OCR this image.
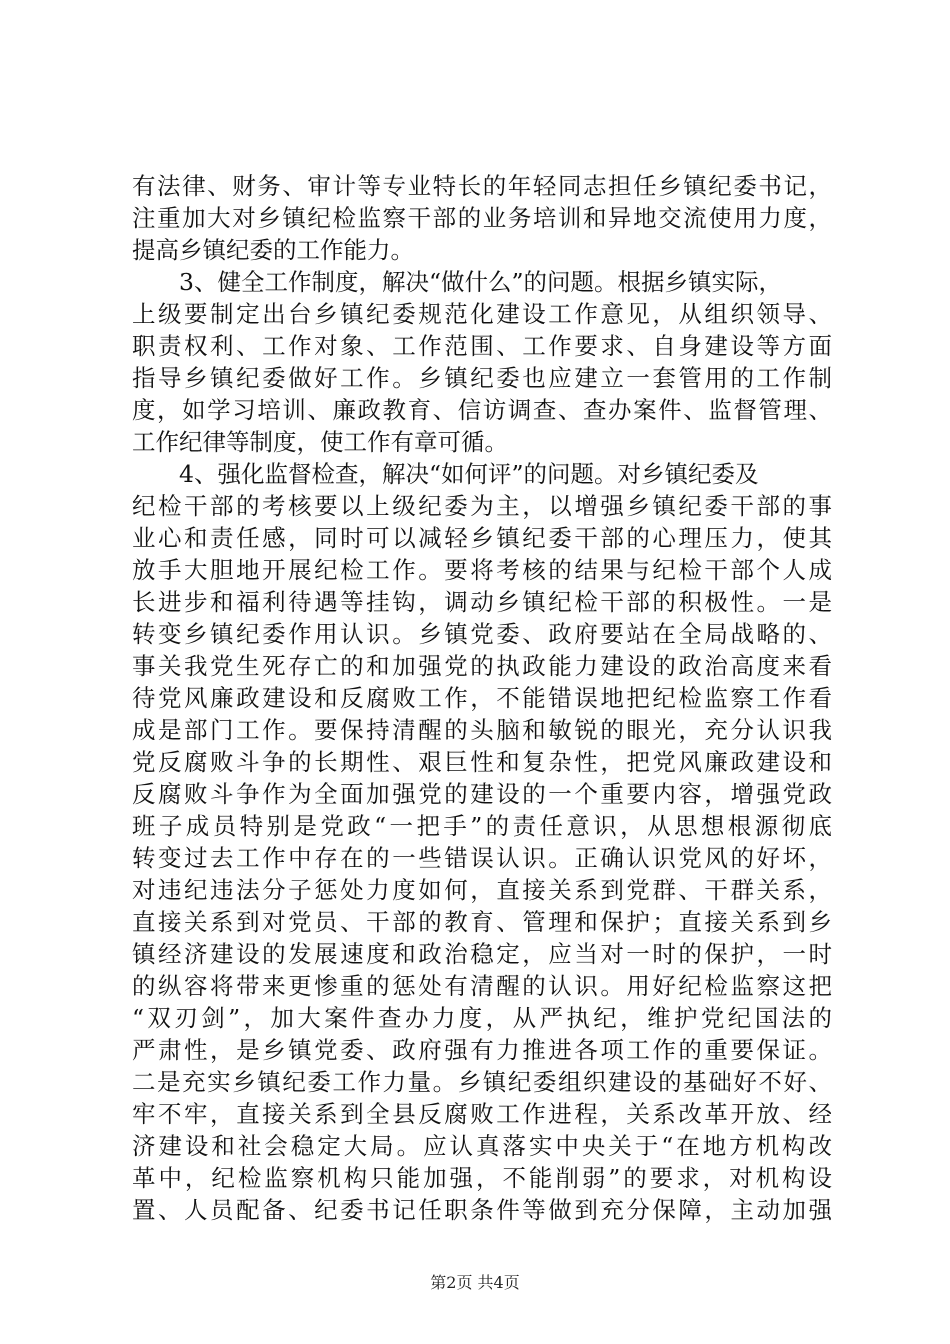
有法律、财务、审计等专业特长的年轻同志担任乡镇纪委书记，
注重加大对乡镇纪检监察干部的业务培训和异地交流使用力度，
提高乡镇纪委的工作能力。
3、健全工作制度，解决“做什么”的问题。根据乡镇实际，
上级要制定出台乡镇纪委规范化建设工作意见，从组织领导、
职责权利、工作对象、工作范围、工作要求、自身建设等方面
指导乡镇纪委做好工作。乡镇纪委也应建立一套管用的工作制
度，如学习培训、廉政教育、信访调查、查办案件、监督管理、
工作纪律等制度，使工作有章可循。
4、强化监督检查，解决“如何评”的问题。对乡镇纪委及
纪检干部的考核要以上级纪委为主，以增强乡镇纪委干部的事
业心和责任感，同时可以减轻乡镇纪委干部的心理压力，使其
放手大胆地开展纪检工作。要将考核的结果与纪检干部个人成
长进步和福利待遇等挂钩，调动乡镇纪检干部的积极性。一是
转变乡镇纪委作用认识。乡镇党委、政府要站在全局战略的、
事关我党生死存亡的和加强党的执政能力建设的政治高度来看
待党风廉政建设和反腐败工作，不能错误地把纪检监察工作看
成是部门工作。要保持清醒的头脑和敏锐的眼光，充分认识我
党反腐败斗争的长期性、艰巨性和复杂性，把党风廉政建设和
反腐败斗争作为全面加强党的建设的一个重要内容，增强党政
班子成员特别是党政“一把手”的责任意识，从思想根源彻底
转变过去工作中存在的一些错误认识。正确认识党风的好坏，
对违纪违法分子惩处力度如何，直接关系到党群、干群关系，
直接关系到对党员、干部的教育、管理和保护；直接关系到乡
镇经济建设的发展速度和政治稳定，应当对一时的保护，一时
的纵容将带来更惨重的惩处有清醒的认识。用好纪检监察这把
“双刃剑”，加大案件查办力度，从严执纪，维护党纪国法的
严肃性，是乡镇党委、政府强有力推进各项工作的重要保证。
二是充实乡镇纪委工作力量。乡镇纪委组织建设的基础好不好、
牢不牢，直接关系到全县反腐败工作进程，关系改革开放、经
济建设和社会稳定大局。应认真落实中央关于“在地方机构改
革中，纪检监察机构只能加强，不能削弱”的要求，对机构设
置、人员配备、纪委书记任职条件等做到充分保障，主动加强
第2页 共4页
